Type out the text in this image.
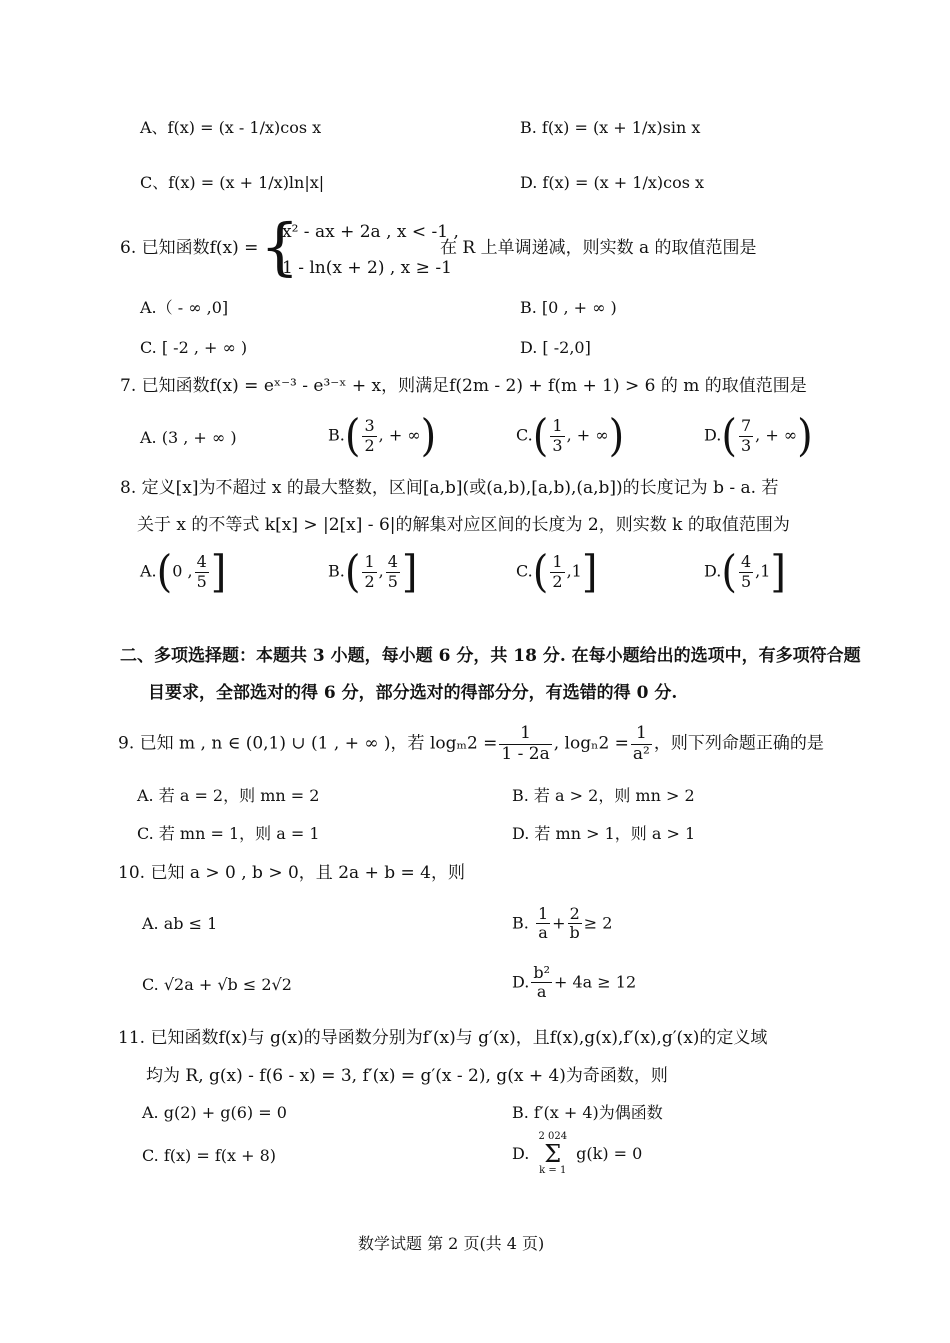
A、f(x) = (x - 1/x)cos x	B. f(x) = (x + 1/x)sin x
C、f(x) = (x + 1/x)ln|x|	D. f(x) = (x + 1/x)cos x
6. 已知函数f(x) = {
x² - ax + 2a , x < -1 ,
1 - ln(x + 2) , x ≥ -1
在 R 上单调递减，则实数 a 的取值范围是
A.（ - ∞ ,0]	B. [0 , + ∞ )
C. [ -2 , + ∞ )	D. [ -2,0]
7. 已知函数f(x) = eˣ⁻³ - e³⁻ˣ + x，则满足f(2m - 2) + f(m + 1) > 6 的 m 的取值范围是
A. (3 , + ∞ )	$B.( \frac{3}{2}$ , + ∞)	$C.( \frac{1}{3}$ , + ∞)	$D.( \frac{7}{3}$ , + ∞)
8. 定义[x]为不超过 x 的最大整数，区间[a,b](或(a,b),[a,b),(a,b])的长度记为 b - a. 若
关于 x 的不等式 k[x] > |2[x] - 6|的解集对应区间的长度为 2，则实数 k 的取值范围为
A.(0 , $\frac{4}{5}$ ]	$B.( \frac{1}{2}$ , $\frac{4}{5}$ ]	$C.( \frac{1}{2} ,1]$	$D.( \frac{4}{5} ,1]$
二、多项选择题：本题共 3 小题，每小题 6 分，共 18 分. 在每小题给出的选项中，有多项符合题
目要求，全部选对的得 6 分，部分选对的得部分分，有选错的得 0 分.
9. 已知 m , n ∈ (0,1) ∪ (1 , + ∞ )，若 $\log_m2 = \frac{1}{1 - 2a}$ , $\log_n2 = \frac{1}{\text{a²}}$ ，则下列命题正确的是
A. 若 a = 2，则 mn = 2	B. 若 a > 2，则 mn > 2
C. 若 mn = 1，则 a = 1	D. 若 mn > 1，则 a > 1
10. 已知 a > 0 , b > 0，且 2a + b = 4，则
A. ab ≤ 1	B. $\frac{1}{a} + \frac{2}{b} \ge 2$
C. √2a + √b ≤ 2√2	D. $\frac{\text{b²}}{a} + 4a \ge 12$
11. 已知函数f(x)与 g(x)的导函数分别为f′(x)与 g′(x)，且f(x),g(x),f′(x),g′(x)的定义域
均为 R, g(x) - f(6 - x) = 3, f′(x) = g′(x - 2), g(x + 4)为奇函数，则
A. g(2) + g(6) = 0	B. f′(x + 4)为偶函数
C. f(x) = f(x + 8)	D.
2 024
Σ
k = 1
g(k) = 0
数学试题 第 2 页(共 4 页)
